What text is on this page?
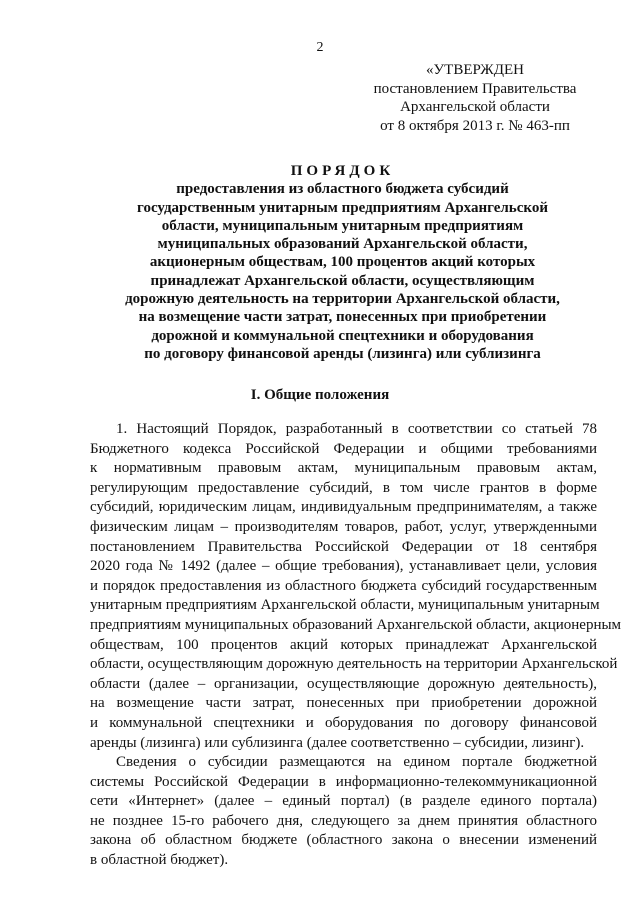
2
«УТВЕРЖДЕН
постановлением Правительства
Архангельской области
от 8 октября 2013 г. № 463-пп
ПОРЯДОК
предоставления из областного бюджета субсидий
государственным унитарным предприятиям Архангельской
области, муниципальным унитарным предприятиям
муниципальных образований Архангельской области,
акционерным обществам, 100 процентов акций которых
принадлежат Архангельской области, осуществляющим
дорожную деятельность на территории Архангельской области,
на возмещение части затрат, понесенных при приобретении
дорожной и коммунальной спецтехники и оборудования
по договору финансовой аренды (лизинга) или сублизинга
I. Общие положения
1. Настоящий Порядок, разработанный в соответствии со статьей 78
Бюджетного кодекса Российской Федерации и общими требованиями
к нормативным правовым актам, муниципальным правовым актам,
регулирующим предоставление субсидий, в том числе грантов в форме
субсидий, юридическим лицам, индивидуальным предпринимателям, а также
физическим лицам – производителям товаров, работ, услуг, утвержденными
постановлением Правительства Российской Федерации от 18 сентября
2020 года № 1492 (далее – общие требования), устанавливает цели, условия
и порядок предоставления из областного бюджета субсидий государственным
унитарным предприятиям Архангельской области, муниципальным унитарным
предприятиям муниципальных образований Архангельской области, акционерным
обществам, 100 процентов акций которых принадлежат Архангельской
области, осуществляющим дорожную деятельность на территории Архангельской
области (далее – организации, осуществляющие дорожную деятельность),
на возмещение части затрат, понесенных при приобретении дорожной
и коммунальной спецтехники и оборудования по договору финансовой
аренды (лизинга) или сублизинга (далее соответственно – субсидии, лизинг).
Сведения о субсидии размещаются на едином портале бюджетной
системы Российской Федерации в информационно-телекоммуникационной
сети «Интернет» (далее – единый портал) (в разделе единого портала)
не позднее 15-го рабочего дня, следующего за днем принятия областного
закона об областном бюджете (областного закона о внесении изменений
в областной бюджет).
